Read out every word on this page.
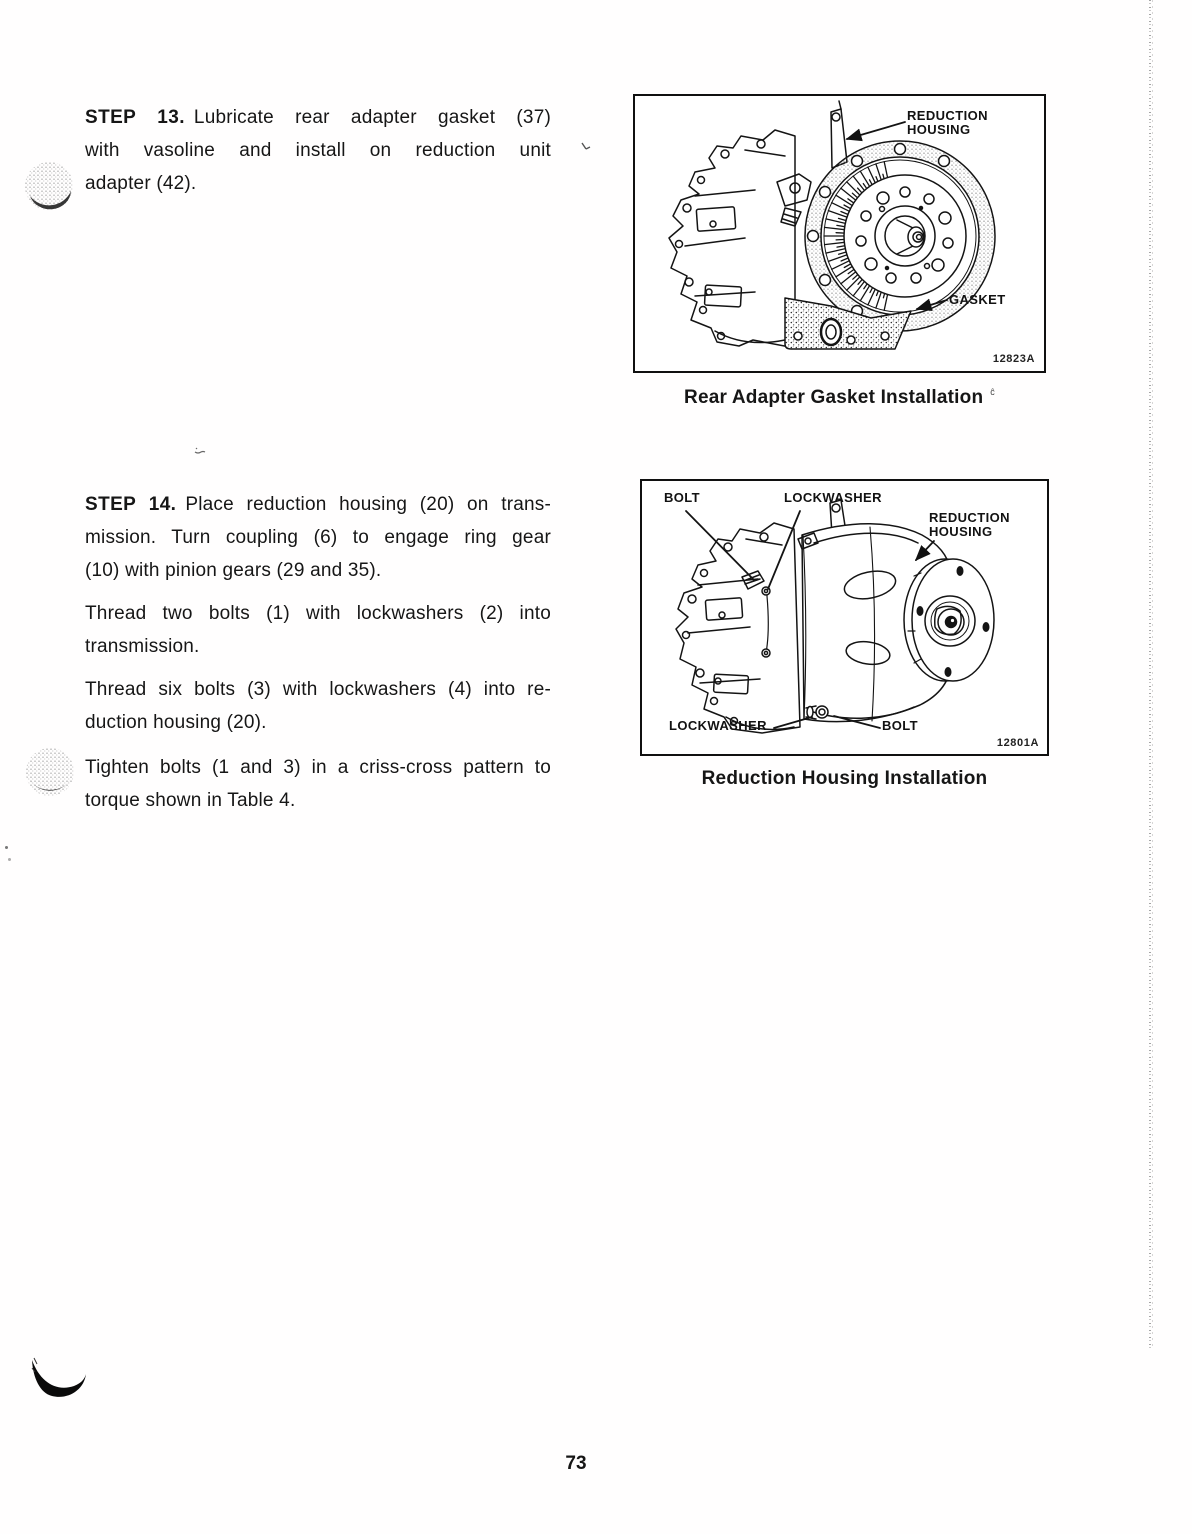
STEP 13. Lubricate rear adapter gasket (37)
with vasoline and install on reduction unit
adapter (42).
STEP 14. Place reduction housing (20) on trans-
mission. Turn coupling (6) to engage ring gear
(10) with pinion gears (29 and 35).
Thread two bolts (1) with lockwashers (2) into
transmission.
Thread six bolts (3) with lockwashers (4) into re-
duction housing (20).
Tighten bolts (1 and 3) in a criss-cross pattern to
torque shown in Table 4.
REDUCTION HOUSING
GASKET
12823A
Rear Adapter Gasket Installation $^ĉ$
BOLT	LOCKWASHER
REDUCTION HOUSING
LOCKWASHER	BOLT
12801A
Reduction Housing Installation
73
